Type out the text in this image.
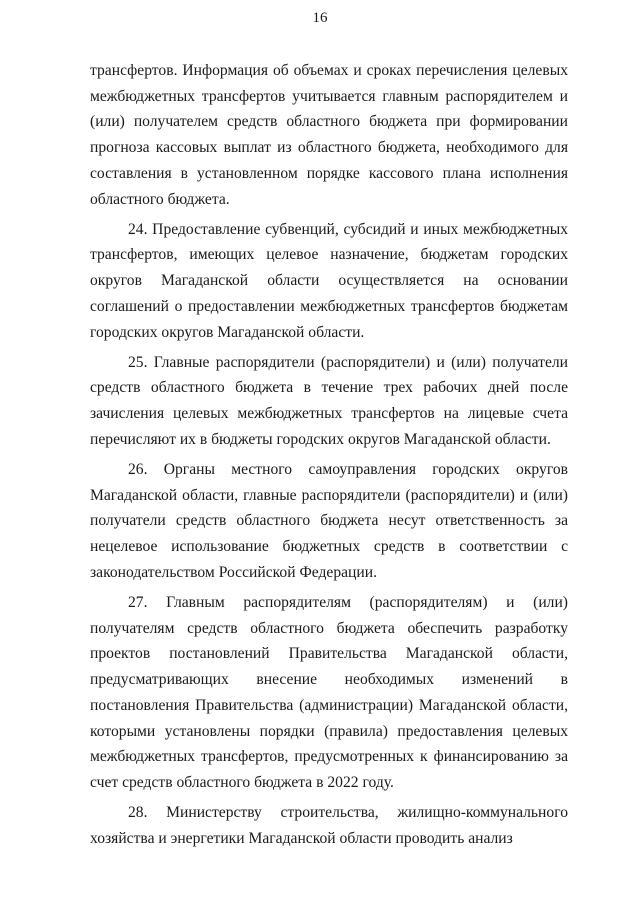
16

трансфертов. Информация об объемах и сроках перечисления целевых межбюджетных трансфертов учитывается главным распорядителем и (или) получателем средств областного бюджета при формировании прогноза кассовых выплат из областного бюджета, необходимого для составления в установленном порядке кассового плана исполнения областного бюджета.

24. Предоставление субвенций, субсидий и иных межбюджетных трансфертов, имеющих целевое назначение, бюджетам городских округов Магаданской области осуществляется на основании соглашений о предоставлении межбюджетных трансфертов бюджетам городских округов Магаданской области.

25. Главные распорядители (распорядители) и (или) получатели средств областного бюджета в течение трех рабочих дней после зачисления целевых межбюджетных трансфертов на лицевые счета перечисляют их в бюджеты городских округов Магаданской области.

26. Органы местного самоуправления городских округов Магаданской области, главные распорядители (распорядители) и (или) получатели средств областного бюджета несут ответственность за нецелевое использование бюджетных средств в соответствии с законодательством Российской Федерации.

27. Главным распорядителям (распорядителям) и (или) получателям средств областного бюджета обеспечить разработку проектов постановлений Правительства Магаданской области, предусматривающих внесение необходимых изменений в постановления Правительства (администрации) Магаданской области, которыми установлены порядки (правила) предоставления целевых межбюджетных трансфертов, предусмотренных к финансированию за счет средств областного бюджета в 2022 году.

28. Министерству строительства, жилищно-коммунального хозяйства и энергетики Магаданской области проводить анализ
